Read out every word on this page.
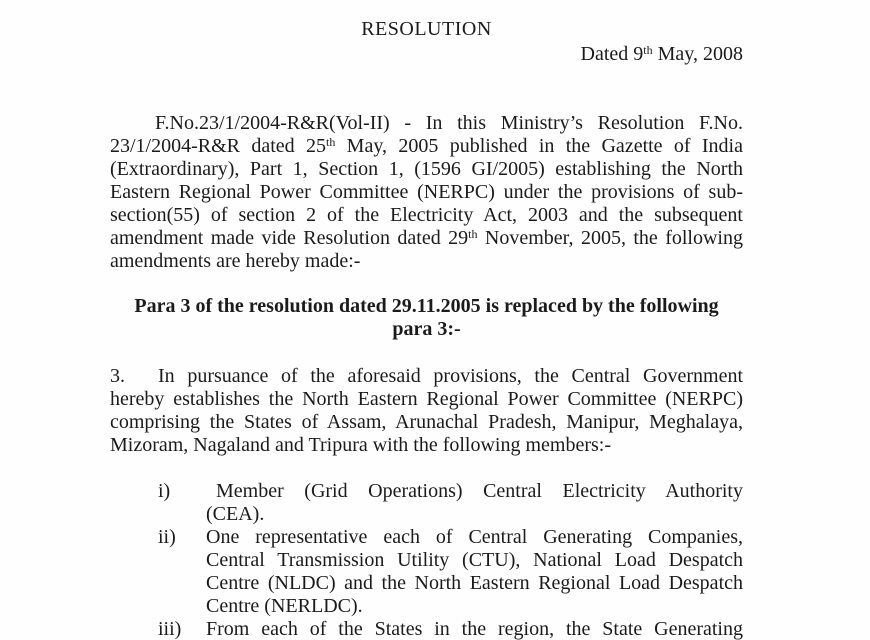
RESOLUTION
Dated 9th May, 2008
F.No.23/1/2004-R&R(Vol-II) - In this Ministry’s Resolution F.No.
23/1/2004-R&R dated 25th May, 2005 published in the Gazette of India
(Extraordinary), Part 1, Section 1, (1596 GI/2005) establishing the North
Eastern Regional Power Committee (NERPC) under the provisions of sub-
section(55) of section 2 of the Electricity Act, 2003 and the subsequent
amendment made vide Resolution dated 29th November, 2005, the following
amendments are hereby made:-
Para 3 of the resolution dated 29.11.2005 is replaced by the following
para 3:-
3. In pursuance of the aforesaid provisions, the Central Government
hereby establishes the North Eastern Regional Power Committee (NERPC)
comprising the States of Assam, Arunachal Pradesh, Manipur, Meghalaya,
Mizoram, Nagaland and Tripura with the following members:-
i)	Member (Grid Operations) Central Electricity Authority
(CEA).
ii) One representative each of Central Generating Companies,
Central Transmission Utility (CTU), National Load Despatch
Centre (NLDC) and the North Eastern Regional Load Despatch
Centre (NERLDC).
iii) From each of the States in the region, the State Generating
